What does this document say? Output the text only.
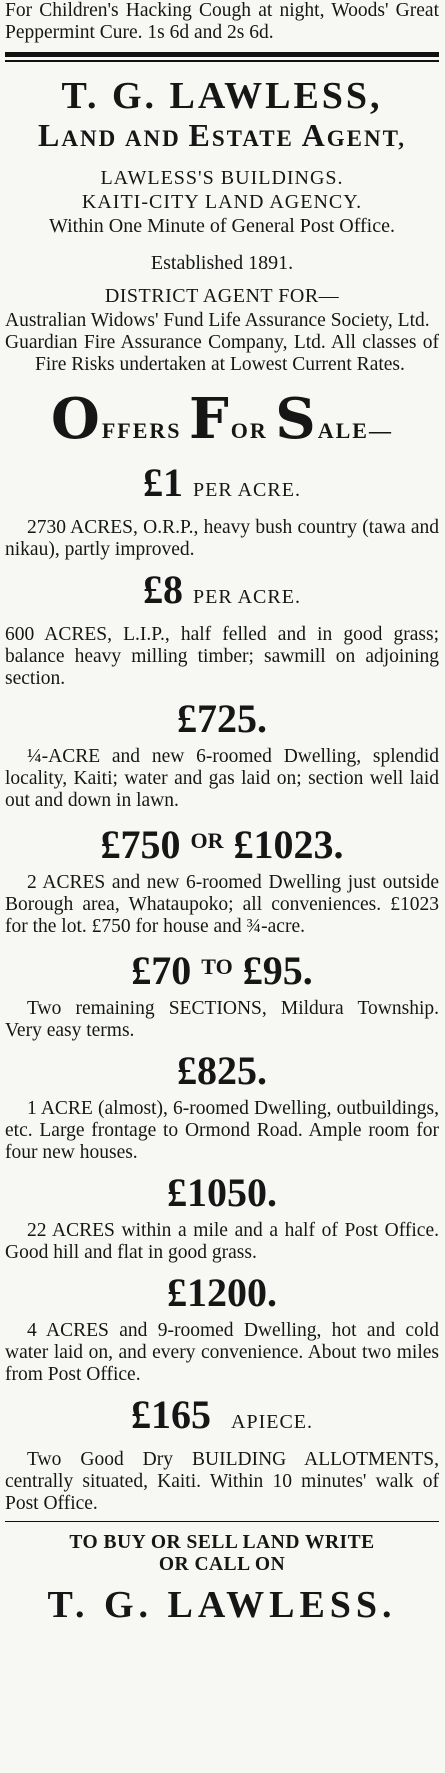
For Children's Hacking Cough at night, Woods' Great Peppermint Cure. 1s 6d and 2s 6d.
T. G. LAWLESS,
LAND AND ESTATE AGENT,
LAWLESS'S BUILDINGS.
KAITI-CITY LAND AGENCY.
Within One Minute of General Post Office.
Established 1891.
DISTRICT AGENT FOR—
Australian Widows' Fund Life Assurance Society, Ltd.
Guardian Fire Assurance Company, Ltd. All classes of Fire Risks undertaken at Lowest Current Rates.
OFFERS FOR SALE—
£1 PER ACRE.
2730 ACRES, O.R.P., heavy bush country (tawa and nikau), partly improved.
£8 PER ACRE.
600 ACRES, L.I.P., half felled and in good grass; balance heavy milling timber; sawmill on adjoining section.
£725.
¼-ACRE and new 6-roomed Dwelling, splendid locality, Kaiti; water and gas laid on; section well laid out and down in lawn.
£750 $^{OR}$ £1023.
2 ACRES and new 6-roomed Dwelling just outside Borough area, Whataupoko; all conveniences. £1023 for the lot. £750 for house and ¾-acre.
£70 $^{TO}$ £95.
Two remaining SECTIONS, Mildura Township. Very easy terms.
£825.
1 ACRE (almost), 6-roomed Dwelling, outbuildings, etc. Large frontage to Ormond Road. Ample room for four new houses.
£1050.
22 ACRES within a mile and a half of Post Office. Good hill and flat in good grass.
£1200.
4 ACRES and 9-roomed Dwelling, hot and cold water laid on, and every convenience. About two miles from Post Office.
£165 APIECE.
Two Good Dry BUILDING ALLOTMENTS, centrally situated, Kaiti. Within 10 minutes' walk of Post Office.
TO BUY OR SELL LAND WRITE
OR CALL ON
T. G. LAWLESS.
